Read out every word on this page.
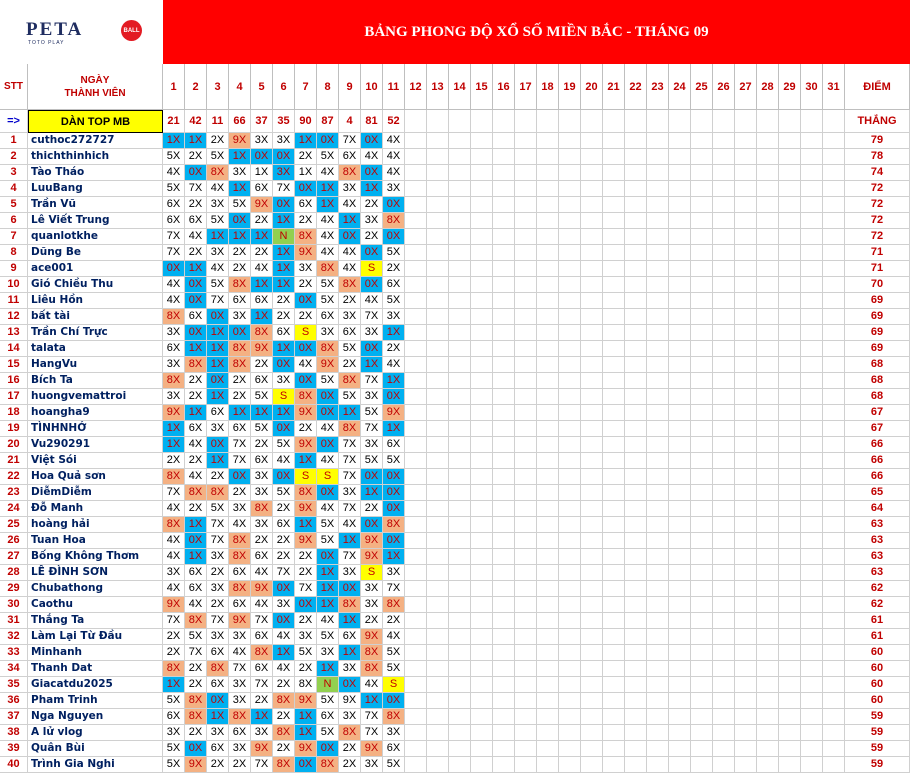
PETA	BALL
TOTO PLAY
BẢNG PHONG ĐỘ XỔ SỐ MIỀN BẮC - THÁNG 09
STT
NGÀY
THÀNH VIÊN	1	2	3	4	5	6	7	8	9	10 11 12 13 14 15 16 17 18 19 20 21 22 23 24 25 26 27 28 29 30 31	ĐIỂM
=>	DÀN TOP MB	21 42 11 66 37 35 90 87	4	81 52	THẮNG
1	cuthoc272727	1X 1X 2X 9X 3X 3X 1X 0X 7X 0X 4X	79
2	thichthinhich	5X 2X 5X 1X 0X 0X 2X 5X 6X 4X 4X	78
3	Tào Tháo	4X 0X 8X 3X 1X 3X 1X 4X 8X 0X 4X	74
4	LuuBang	5X 7X 4X 1X 6X 7X 0X 1X 3X 1X 3X	72
5	Trần Vũ	6X 2X 3X 5X 9X 0X 6X 1X 4X 2X 0X	72
6	Lê Viết Trung	6X 6X 5X 0X 2X 1X 2X 4X 1X 3X 8X	72
7	quanlotkhe	7X 4X 1X 1X 1X	N	8X 4X 0X 2X 0X	72
8	Dũng Be	7X 2X 3X 2X 2X 1X 9X 4X 4X 0X 5X	71
9	ace001	0X 1X 4X 2X 4X 1X 3X 8X 4X	S	2X	71
10	Gió Chiều Thu	4X 0X 5X 8X 1X 1X 2X 5X 8X 0X 6X	70
11	Liêu Hồn	4X 0X 7X 6X 6X 2X 0X 5X 2X 4X 5X	69
12	bất tài	8X 6X 0X 3X 1X 2X 2X 6X 3X 7X 3X	69
13	Trần Chí Trực	3X 0X 1X 0X 8X 6X	S	3X 6X 3X 1X	69
14	talata	6X 1X 1X 8X 9X 1X 0X 8X 5X 0X 2X	69
15	HangVu	3X 8X 1X 8X 2X 0X 4X 9X 2X 1X 4X	68
16	Bích Ta	8X 2X 0X 2X 6X 3X 0X 5X 8X 7X 1X	68
17	huongvemattroi	3X 2X 1X 2X 5X	S	8X 0X 5X 3X 0X	68
18	hoangha9	9X 1X 6X 1X 1X 1X 9X 0X 1X 5X 9X	67
19	TÌNHNHỚ	1X 6X 3X 6X 5X 0X 2X 4X 8X 7X 1X	67
20	Vu290291	1X 4X 0X 7X 2X 5X 9X 0X 7X 3X 6X	66
21	Việt Sói	2X 2X 1X 7X 6X 4X 1X 4X 7X 5X 5X	66
22	Hoa Quả sơn	8X 4X 2X 0X 3X 0X	S	S	7X 0X 0X	66
23	DiễmDiễm	7X 8X 8X 2X 3X 5X 8X 0X 3X 1X 0X	65
24	Đỗ Manh	4X 2X 5X 3X 8X 2X 9X 4X 7X 2X 0X	64
25	hoàng hải	8X 1X 7X 4X 3X 6X 1X 5X 4X 0X 8X	63
26	Tuan Hoa	4X 0X 7X 8X 2X 2X 9X 5X 1X 9X 0X	63
27	Bống Không Thơm	4X 1X 3X 8X 6X 2X 2X 0X 7X 9X 1X	63
28	LÊ ĐÌNH SƠN	3X 6X 2X 6X 4X 7X 2X 1X 3X	S	3X	63
29	Chubathong	4X 6X 3X 8X 9X 0X 7X 1X 0X 3X 7X	62
30	Caothu	9X 4X 2X 6X 4X 3X 0X 1X 8X 3X 8X	62
31	Thắng Ta	7X 8X 7X 9X 7X 0X 2X 4X 1X 2X 2X	61
32	Làm Lại Từ Đầu	2X 5X 3X 3X 6X 4X 3X 5X 6X 9X 4X	61
33	Minhanh	2X 7X 6X 4X 8X 1X 5X 3X 1X 8X 5X	60
34	Thanh Dat	8X 2X 8X 7X 6X 4X 2X 1X 3X 8X 5X	60
35	Giacatdu2025	1X 2X 6X 3X 7X 2X 8X	N	0X 4X	S	60
36	Pham Trinh	5X 8X 0X 3X 2X 8X 9X 5X 9X 1X 0X	60
37	Nga Nguyen	6X 8X 1X 8X 1X 2X 1X 6X 3X 7X 8X	59
38	A lử vlog	3X 2X 3X 6X 3X 8X 1X 5X 8X 7X 3X	59
39	Quân Bùi	5X 0X 6X 3X 9X 2X 9X 0X 2X 9X 6X	59
40	Trình Gia Nghi	5X 9X 2X 2X 7X 8X 0X 8X 2X 3X 5X	59
